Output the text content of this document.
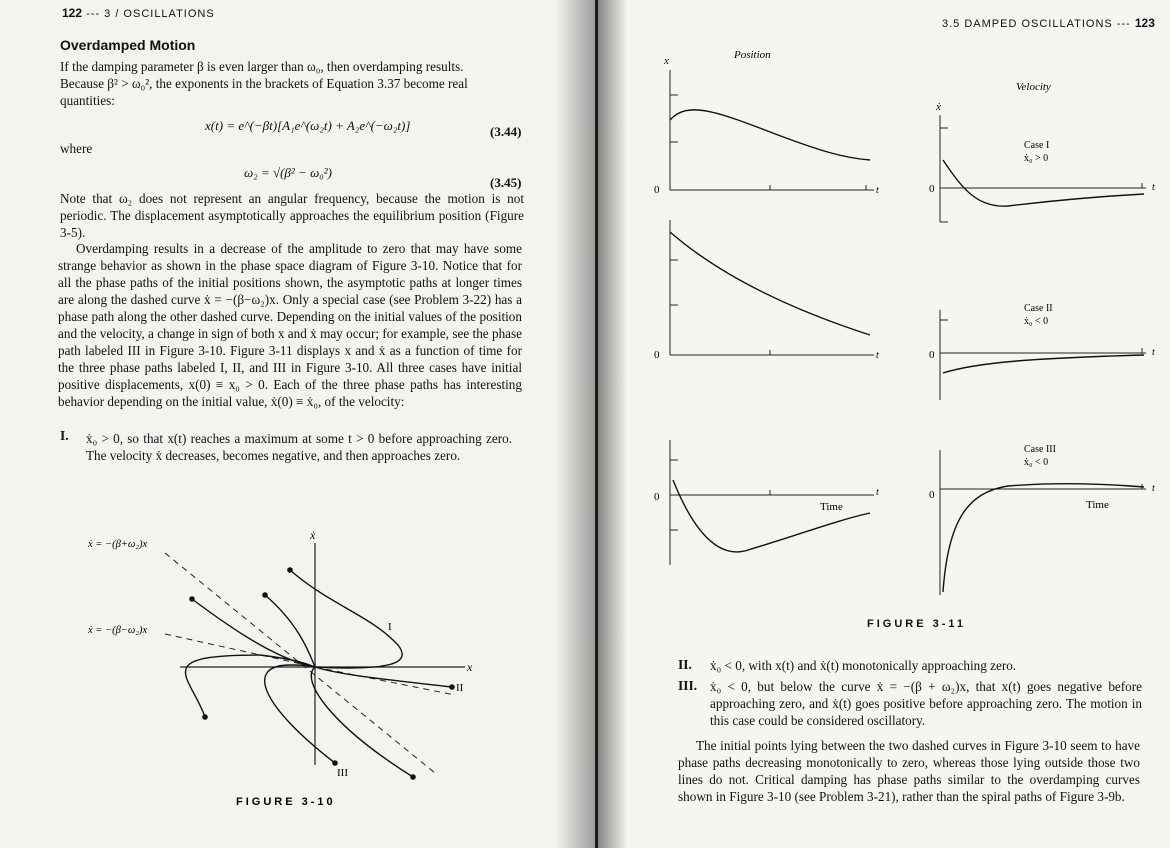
122 --- 3 / OSCILLATIONS
Overdamped Motion

If the damping parameter β is even larger than ω₀, then overdamping results.

Because β² > ω₀², the exponents in the brackets of Equation 3.37 become real

quantities:

x(t) = e^(−βt)[A₁e^(ω₂t) + A₂e^(−ω₂t)]	(3.44)
where
ω₂ = √(β² − ω₀²)
(3.45)
Note that ω₂ does not represent an angular frequency, because the motion is not periodic. The displacement asymptotically approaches the equilibrium position (Figure 3-5).
Overdamping results in a decrease of the amplitude to zero that may have some strange behavior as shown in the phase space diagram of Figure 3-10. Notice that for all the phase paths of the initial positions shown, the asymptotic paths at longer times are along the dashed curve ẋ = −(β−ω₂)x. Only a special case (see Problem 3-22) has a phase path along the other dashed curve. Depending on the initial values of the position and the velocity, a change in sign of both x and ẋ may occur; for example, see the phase path labeled III in Figure 3-10. Figure 3-11 displays x and ẋ as a function of time for the three phase paths labeled I, II, and III in Figure 3-10. All three cases have initial positive displacements, x(0) ≡ x₀ > 0. Each of the three phase paths has interesting behavior depending on the initial value, ẋ(0) ≡ ẋ₀, of the velocity:
I. ẋ₀ > 0, so that x(t) reaches a maximum at some t > 0 before approaching zero. The velocity ẋ decreases, becomes negative, and then approaches zero.
ẋ
x
ẋ = −(β+ω₂)x
ẋ = −(β−ω₂)x	I
II
III
FIGURE 3-10
3.5 DAMPED OSCILLATIONS --- 123
Position
Velocity
x
ẋ
0	t
0	t
0	t
Time
Case I
ẋ₀ > 0
0	t
Case II
ẋ₀ < 0
0	t
Case III
ẋ₀ < 0
0
t
Time
FIGURE 3-11
II. ẋ₀ < 0, with x(t) and ẋ(t) monotonically approaching zero.
III. ẋ₀ < 0, but below the curve ẋ = −(β + ω₂)x, that x(t) goes negative before approaching zero, and ẋ(t) goes positive before approaching zero. The motion in this case could be considered oscillatory.
The initial points lying between the two dashed curves in Figure 3-10 seem to have phase paths decreasing monotonically to zero, whereas those lying outside those two lines do not. Critical damping has phase paths similar to the overdamping curves shown in Figure 3-10 (see Problem 3-21), rather than the spiral paths of Figure 3-9b.
